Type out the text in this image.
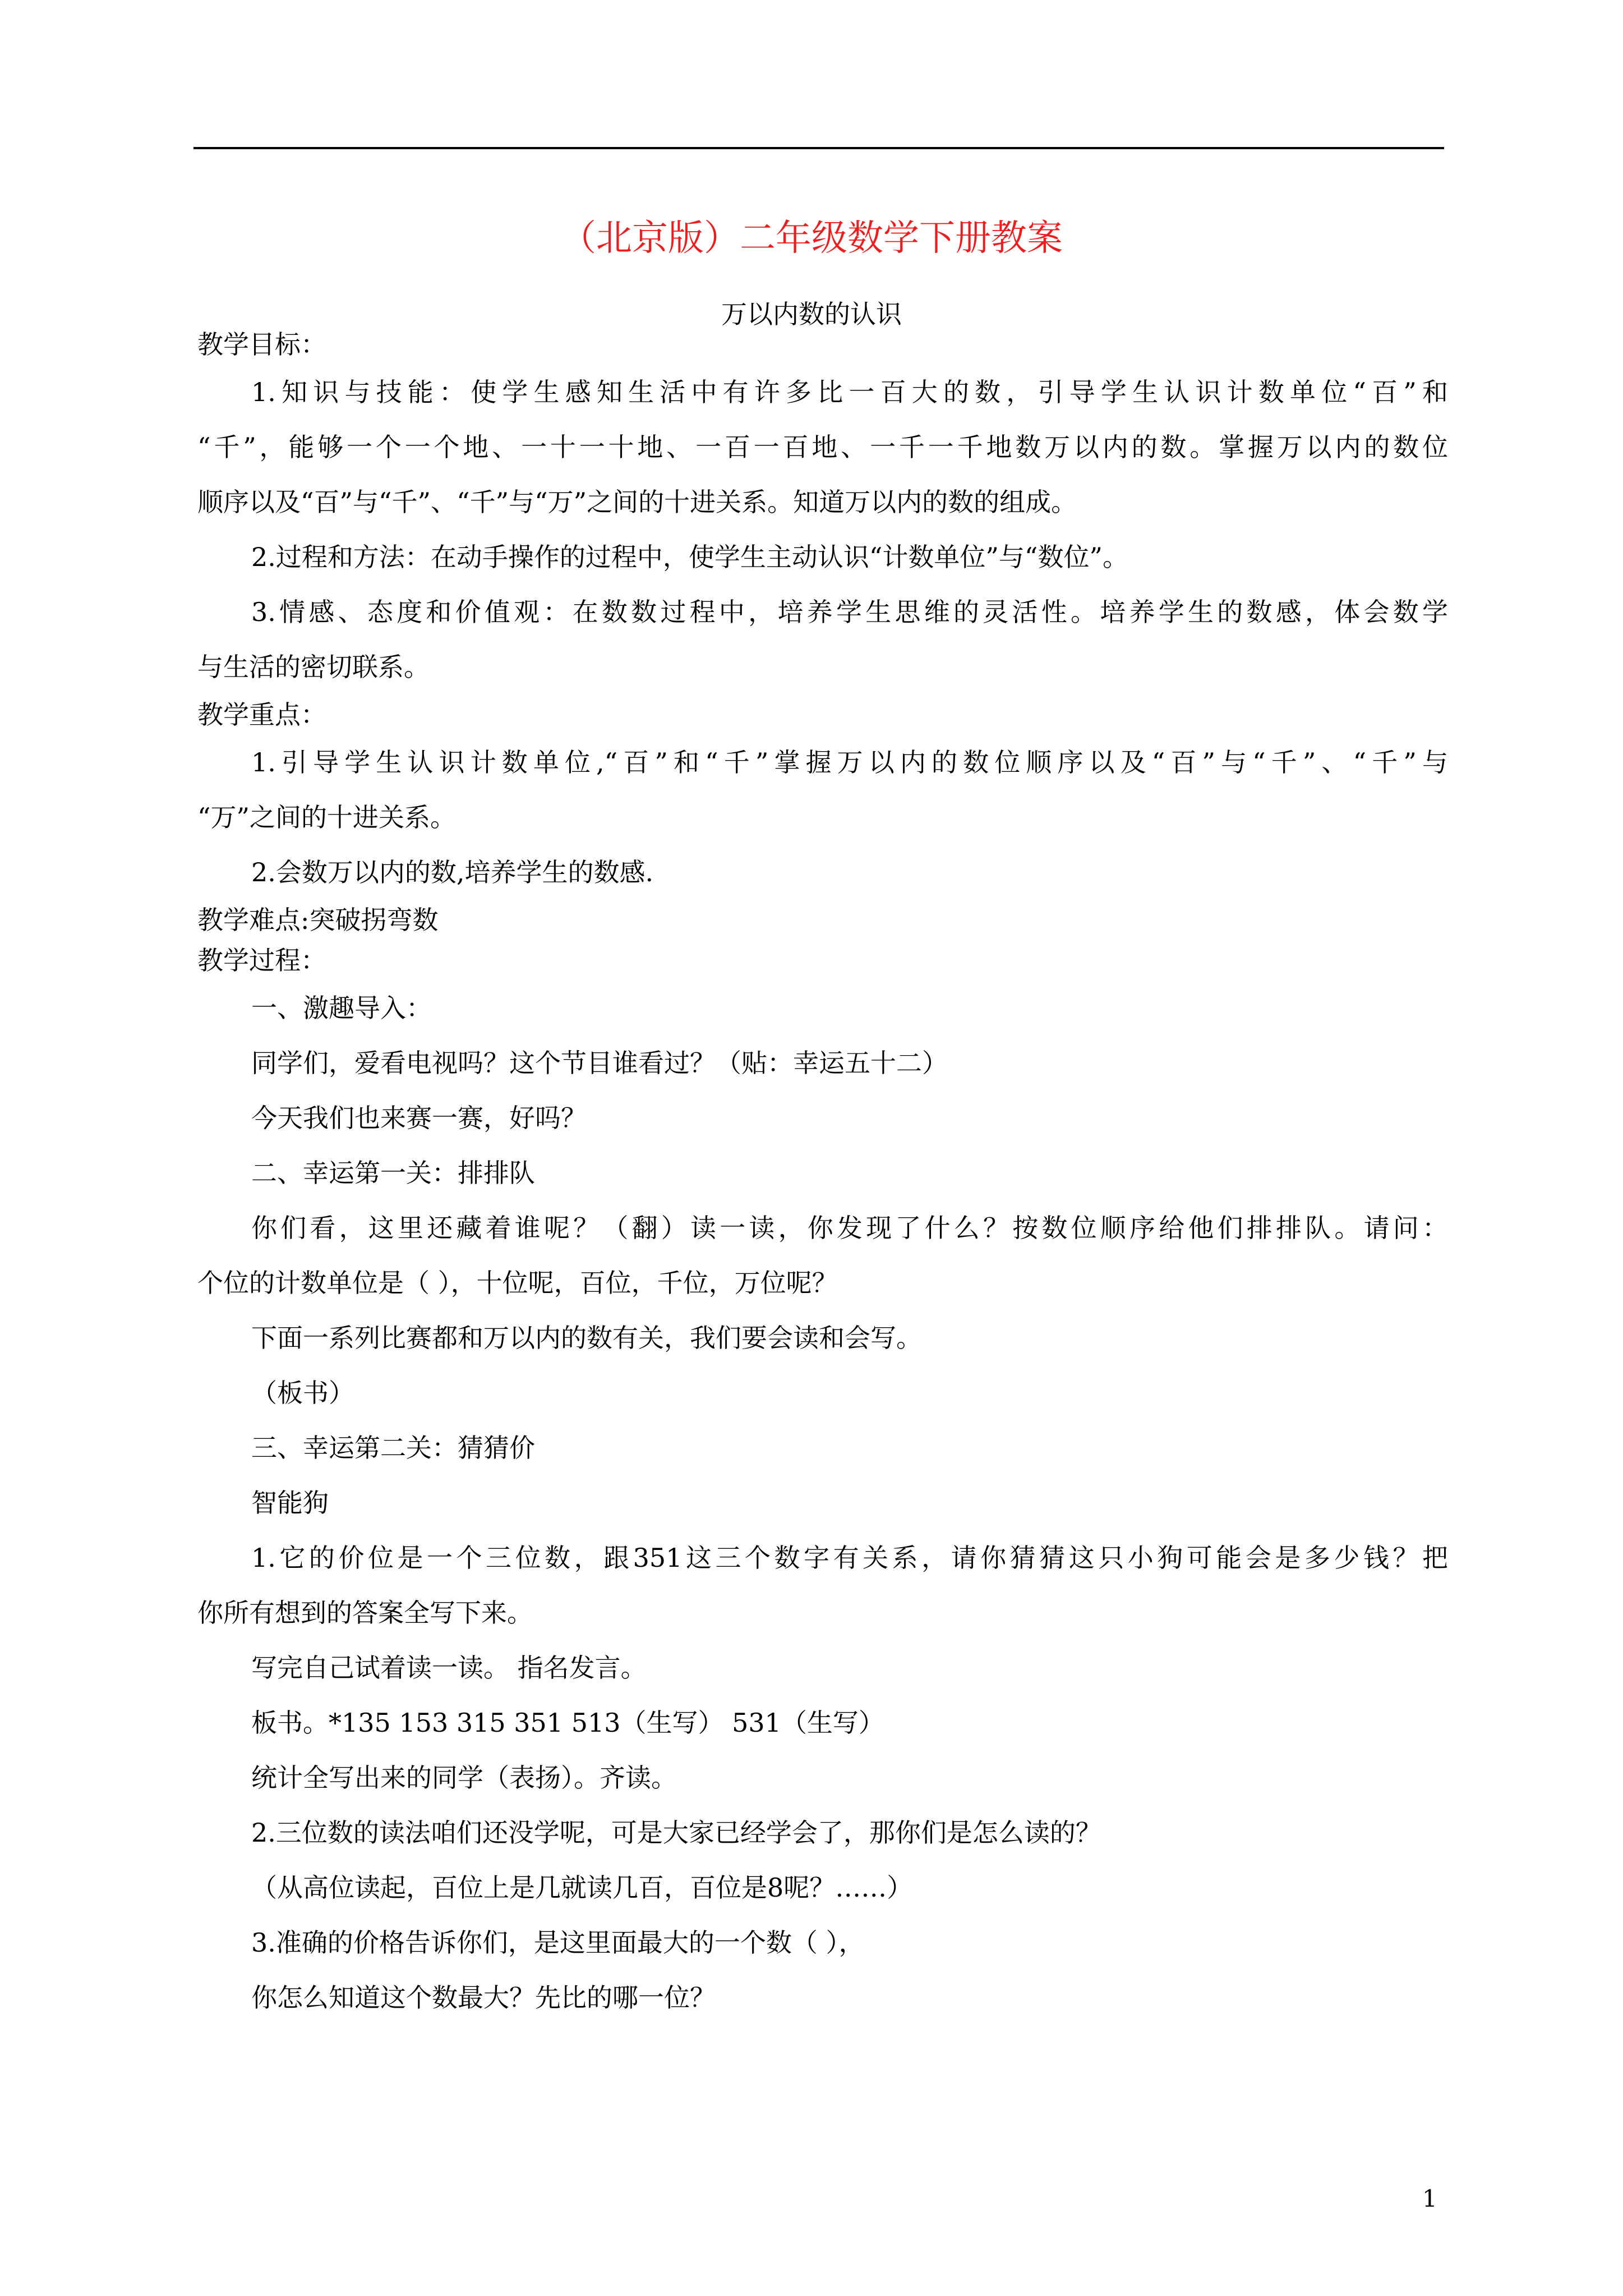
（北京版）二年级数学下册教案
万以内数的认识

教学目标：

1.知识与技能：使学生感知生活中有许多比一百大的数，引导学生认识计数单位“百”和

“千”，能够一个一个地、一十一十地、一百一百地、一千一千地数万以内的数。掌握万以内的数位

顺序以及“百”与“千”、“千”与“万”之间的十进关系。知道万以内的数的组成。

2.过程和方法：在动手操作的过程中，使学生主动认识“计数单位”与“数位”。

3.情感、态度和价值观：在数数过程中，培养学生思维的灵活性。培养学生的数感，体会数学

与生活的密切联系。

教学重点：

1.引导学生认识计数单位,“百”和“千”掌握万以内的数位顺序以及“百”与“千”、“千”与

“万”之间的十进关系。

2.会数万以内的数,培养学生的数感.

教学难点:突破拐弯数

教学过程：

一、激趣导入：

同学们，爱看电视吗？这个节目谁看过？（贴：幸运五十二）

今天我们也来赛一赛，好吗？

二、幸运第一关：排排队

你们看，这里还藏着谁呢？（翻）读一读，你发现了什么？按数位顺序给他们排排队。请问：

个位的计数单位是（ ），十位呢，百位，千位，万位呢？

下面一系列比赛都和万以内的数有关，我们要会读和会写。

（板书）

三、幸运第二关：猜猜价

智能狗

1.它的价位是一个三位数，跟351这三个数字有关系，请你猜猜这只小狗可能会是多少钱？把

你所有想到的答案全写下来。

写完自己试着读一读。 指名发言。

板书。*135 153 315 351 513（生写） 531（生写）

统计全写出来的同学（表扬）。齐读。

2.三位数的读法咱们还没学呢，可是大家已经学会了，那你们是怎么读的？

（从高位读起，百位上是几就读几百，百位是8呢？……）

3.准确的价格告诉你们，是这里面最大的一个数（ ），

你怎么知道这个数最大？先比的哪一位？

1
